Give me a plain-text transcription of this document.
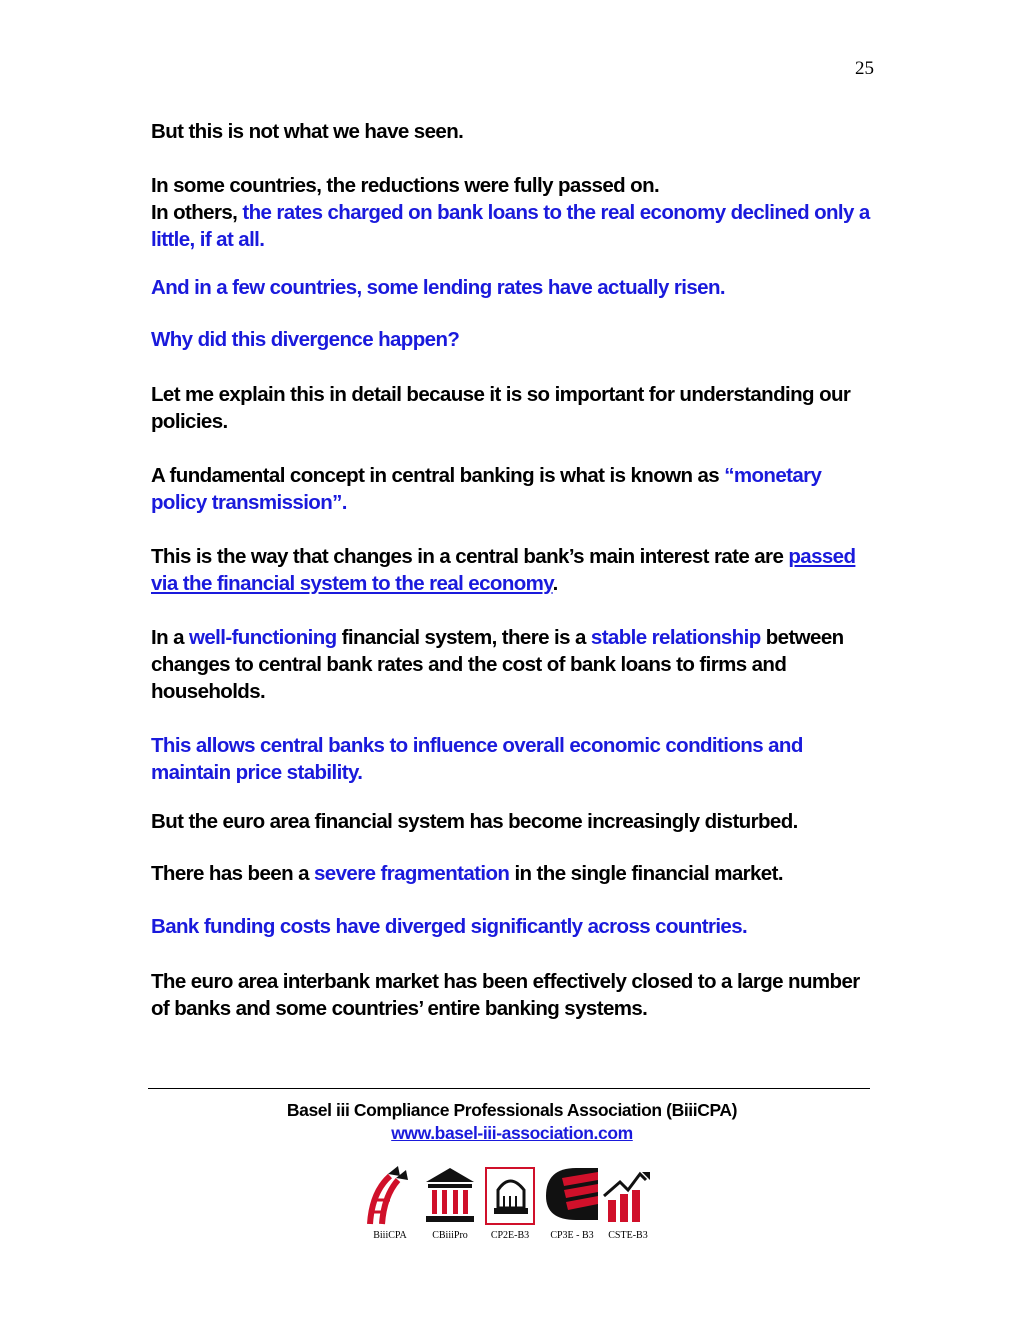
25

But this is not what we have seen.

In some countries, the reductions were fully passed on.
In others, the rates charged on bank loans to the real economy declined only a little, if at all.

And in a few countries, some lending rates have actually risen.

Why did this divergence happen?

Let me explain this in detail because it is so important for understanding our policies.

A fundamental concept in central banking is what is known as “monetary policy transmission”.

This is the way that changes in a central bank’s main interest rate are passed via the financial system to the real economy.

In a well-functioning financial system, there is a stable relationship between changes to central bank rates and the cost of bank loans to firms and households.

This allows central banks to influence overall economic conditions and maintain price stability.

But the euro area financial system has become increasingly disturbed.

There has been a severe fragmentation in the single financial market.

Bank funding costs have diverged significantly across countries.

The euro area interbank market has been effectively closed to a large number of banks and some countries’ entire banking systems.

Basel iii Compliance Professionals Association (BiiiCPA)
www.basel-iii-association.com
BiiiCPA	CBiiiPro	CP2E-B3	CP3E - B3	CSTE-B3
